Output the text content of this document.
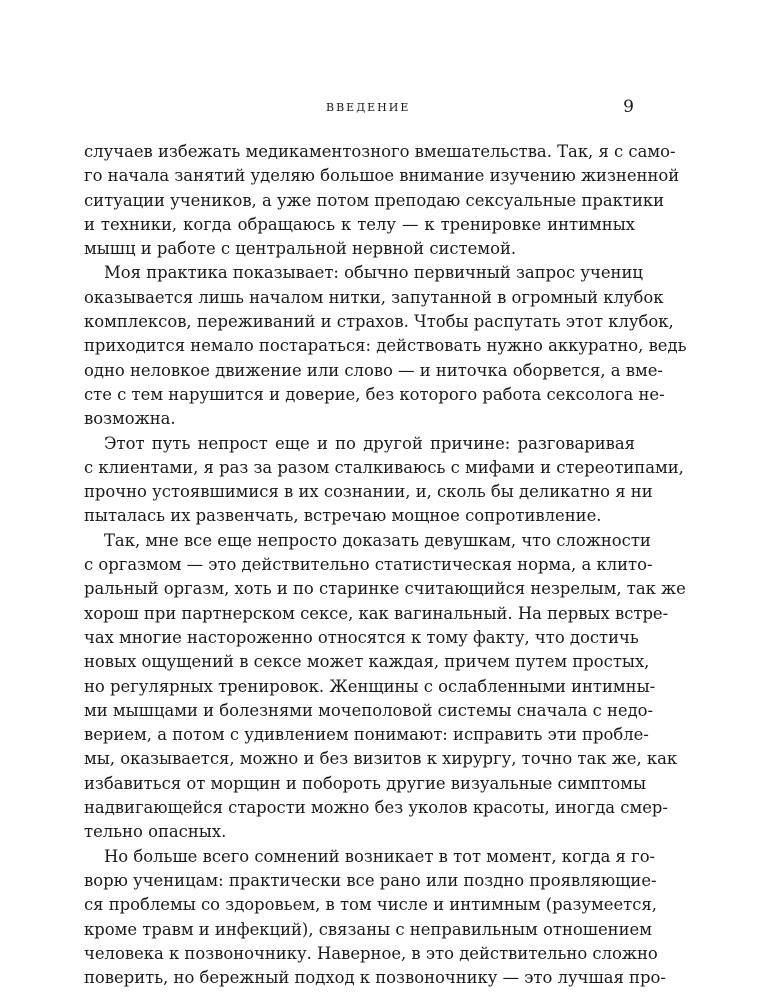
ВВЕДЕНИЕ	9
случаев избежать медикаментозного вмешательства. Так, я с само-
го начала занятий уделяю большое внимание изучению жизненной
ситуации учеников, а уже потом преподаю сексуальные практики
и техники, когда обращаюсь к телу — к тренировке интимных
мышц и работе с центральной нервной системой.
Моя практика показывает: обычно первичный запрос учениц
оказывается лишь началом нитки, запутанной в огромный клубок
комплексов, переживаний и страхов. Чтобы распутать этот клубок,
приходится немало постараться: действовать нужно аккуратно, ведь
одно неловкое движение или слово — и ниточка оборвется, а вме-
сте с тем нарушится и доверие, без которого работа сексолога не-
возможна.
Этот путь непрост еще и по другой причине: разговаривая
с клиентами, я раз за разом сталкиваюсь с мифами и стереотипами,
прочно устоявшимися в их сознании, и, сколь бы деликатно я ни
пыталась их развенчать, встречаю мощное сопротивление.
Так, мне все еще непросто доказать девушкам, что сложности
с оргазмом — это действительно статистическая норма, а клито-
ральный оргазм, хоть и по старинке считающийся незрелым, так же
хорош при партнерском сексе, как вагинальный. На первых встре-
чах многие настороженно относятся к тому факту, что достичь
новых ощущений в сексе может каждая, причем путем простых,
но регулярных тренировок. Женщины с ослабленными интимны-
ми мышцами и болезнями мочеполовой системы сначала с недо-
верием, а потом с удивлением понимают: исправить эти пробле-
мы, оказывается, можно и без визитов к хирургу, точно так же, как
избавиться от морщин и побороть другие визуальные симптомы
надвигающейся старости можно без уколов красоты, иногда смер-
тельно опасных.
Но больше всего сомнений возникает в тот момент, когда я го-
ворю ученицам: практически все рано или поздно проявляющие-
ся проблемы со здоровьем, в том числе и интимным (разумеется,
кроме травм и инфекций), связаны с неправильным отношением
человека к позвоночнику. Наверное, в это действительно сложно
поверить, но бережный подход к позвоночнику — это лучшая про-
